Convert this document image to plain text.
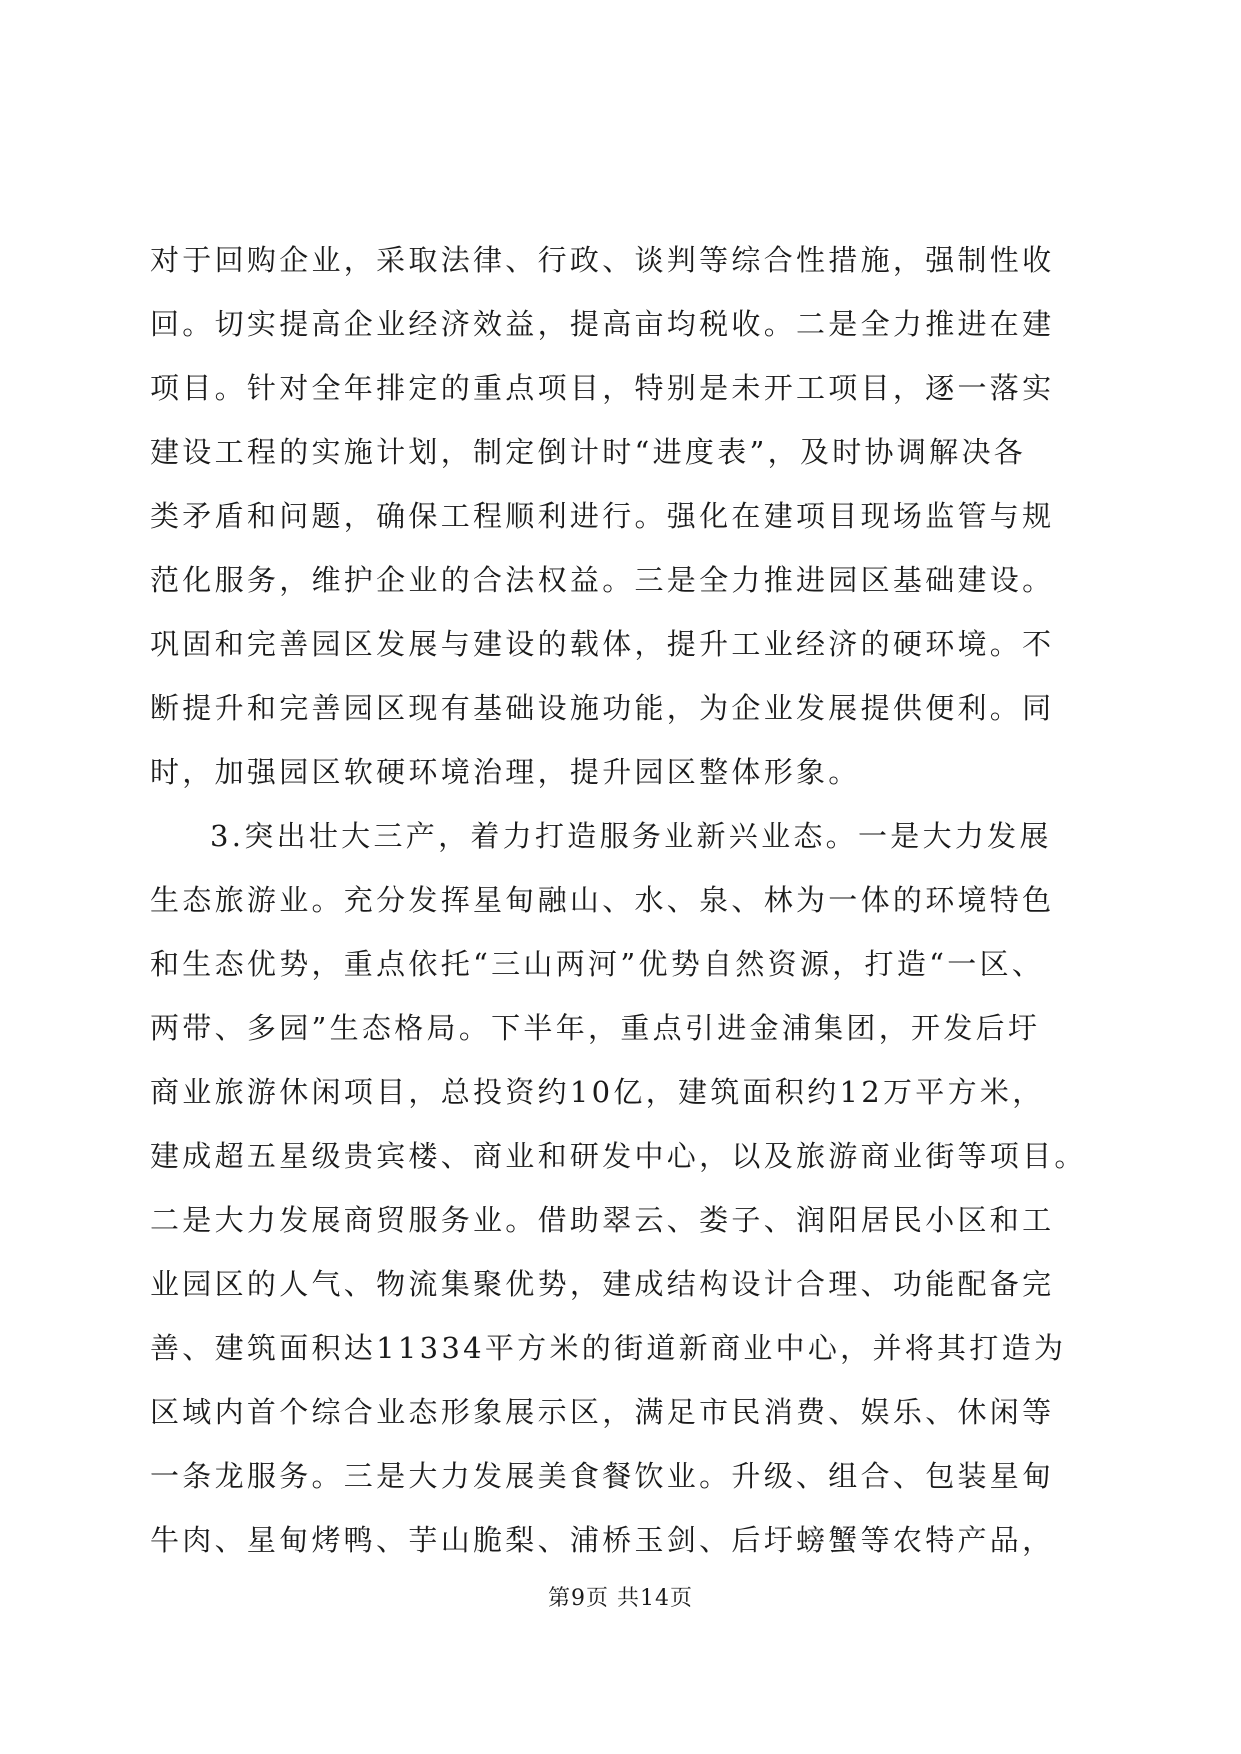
对于回购企业，采取法律、行政、谈判等综合性措施，强制性收
回。切实提高企业经济效益，提高亩均税收。二是全力推进在建
项目。针对全年排定的重点项目，特别是未开工项目，逐一落实
建设工程的实施计划，制定倒计时“进度表”，及时协调解决各
类矛盾和问题，确保工程顺利进行。强化在建项目现场监管与规
范化服务，维护企业的合法权益。三是全力推进园区基础建设。
巩固和完善园区发展与建设的载体，提升工业经济的硬环境。不
断提升和完善园区现有基础设施功能，为企业发展提供便利。同
时，加强园区软硬环境治理，提升园区整体形象。
3.突出壮大三产，着力打造服务业新兴业态。一是大力发展
生态旅游业。充分发挥星甸融山、水、泉、林为一体的环境特色
和生态优势，重点依托“三山两河”优势自然资源，打造“一区、
两带、多园”生态格局。下半年，重点引进金浦集团，开发后圩
商业旅游休闲项目，总投资约10亿，建筑面积约12万平方米，
建成超五星级贵宾楼、商业和研发中心，以及旅游商业街等项目。
二是大力发展商贸服务业。借助翠云、娄子、润阳居民小区和工
业园区的人气、物流集聚优势，建成结构设计合理、功能配备完
善、建筑面积达11334平方米的街道新商业中心，并将其打造为
区域内首个综合业态形象展示区，满足市民消费、娱乐、休闲等
一条龙服务。三是大力发展美食餐饮业。升级、组合、包装星甸
牛肉、星甸烤鸭、芋山脆梨、浦桥玉剑、后圩螃蟹等农特产品，
第9页 共14页
